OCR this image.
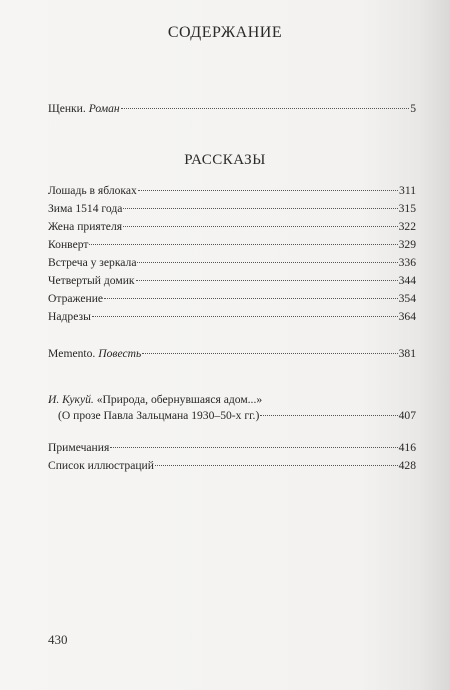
СОДЕРЖАНИЕ
Щенки. Роман	5
РАССКАЗЫ
Лошадь в яблоках	311
Зима 1514 года	315
Жена приятеля	322
Конверт	329
Встреча у зеркала	336
Четвертый домик	344
Отражение	354
Надрезы	364
Memento. Повесть	381
И. Кукуй. «Природа, обернувшаяся адом...»
(О прозе Павла Зальцмана 1930–50-х гг.)	407
Примечания	416
Список иллюстраций	428
430
